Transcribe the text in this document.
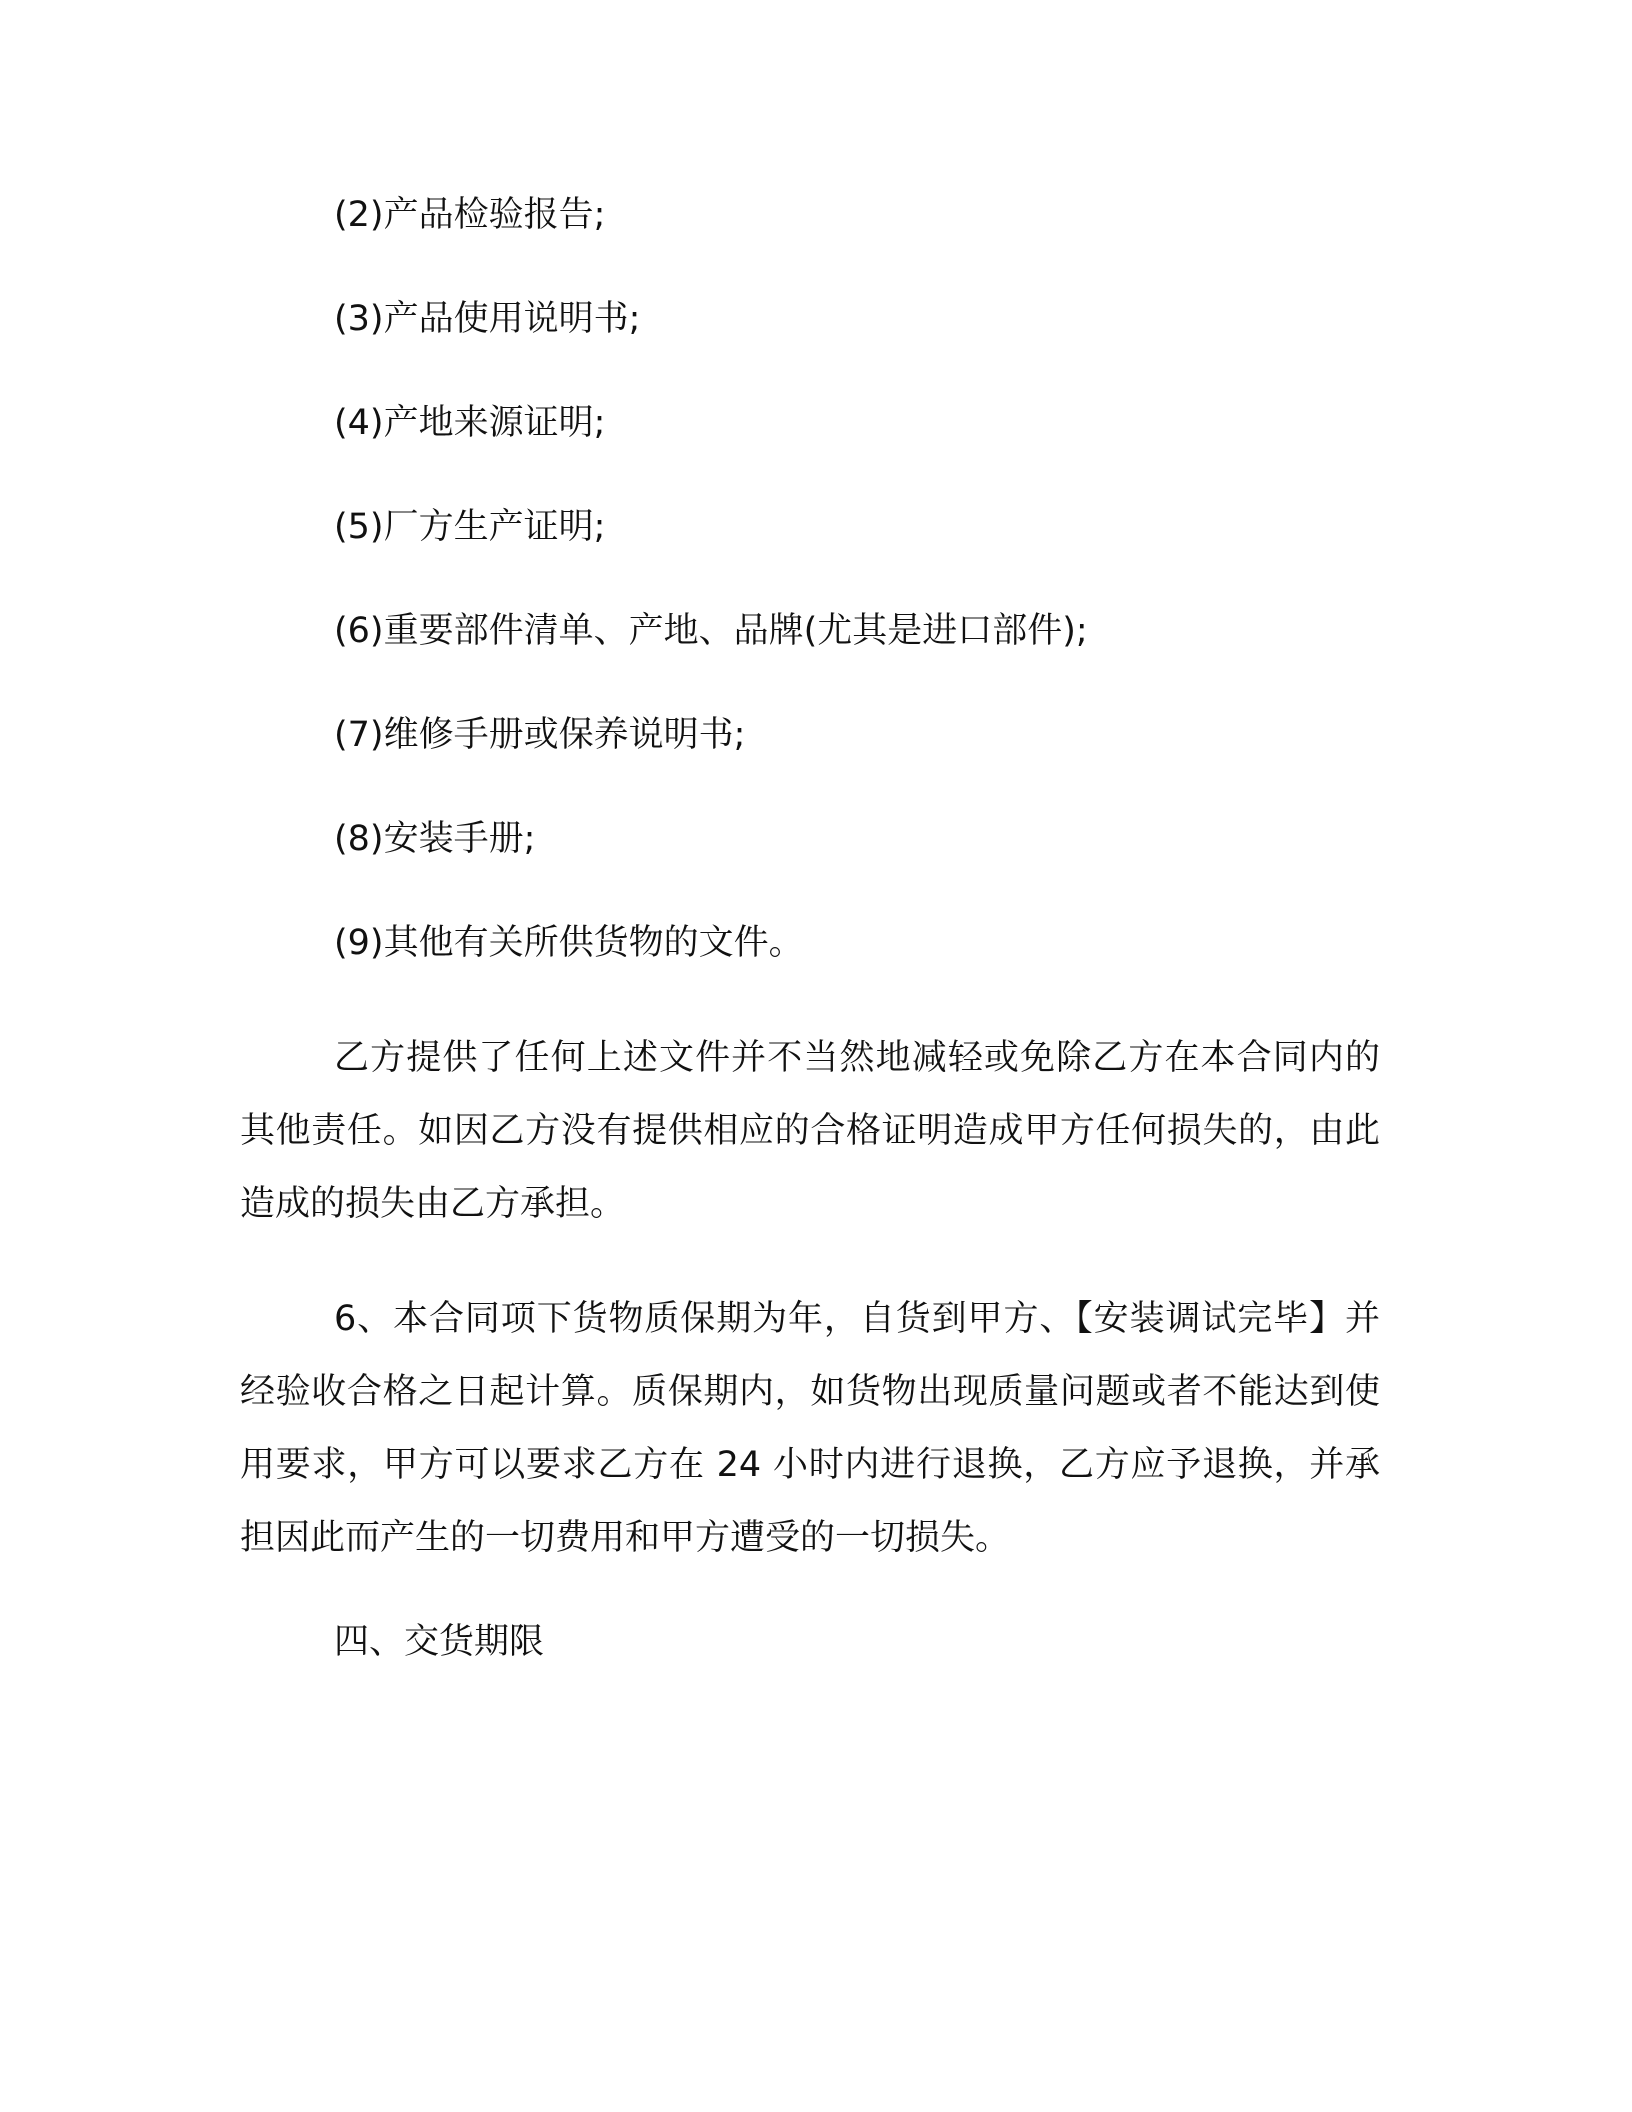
(2)产品检验报告;
(3)产品使用说明书;
(4)产地来源证明;
(5)厂方生产证明;
(6)重要部件清单、产地、品牌(尤其是进口部件);
(7)维修手册或保养说明书;
(8)安装手册;
(9)其他有关所供货物的文件。

乙方提供了任何上述文件并不当然地减轻或免除乙方在本合同内的其他责任。如因乙方没有提供相应的合格证明造成甲方任何损失的，由此造成的损失由乙方承担。

6、本合同项下货物质保期为年，自货到甲方、【安装调试完毕】并经验收合格之日起计算。质保期内，如货物出现质量问题或者不能达到使用要求，甲方可以要求乙方在 24 小时内进行退换，乙方应予退换，并承担因此而产生的一切费用和甲方遭受的一切损失。

四、交货期限
